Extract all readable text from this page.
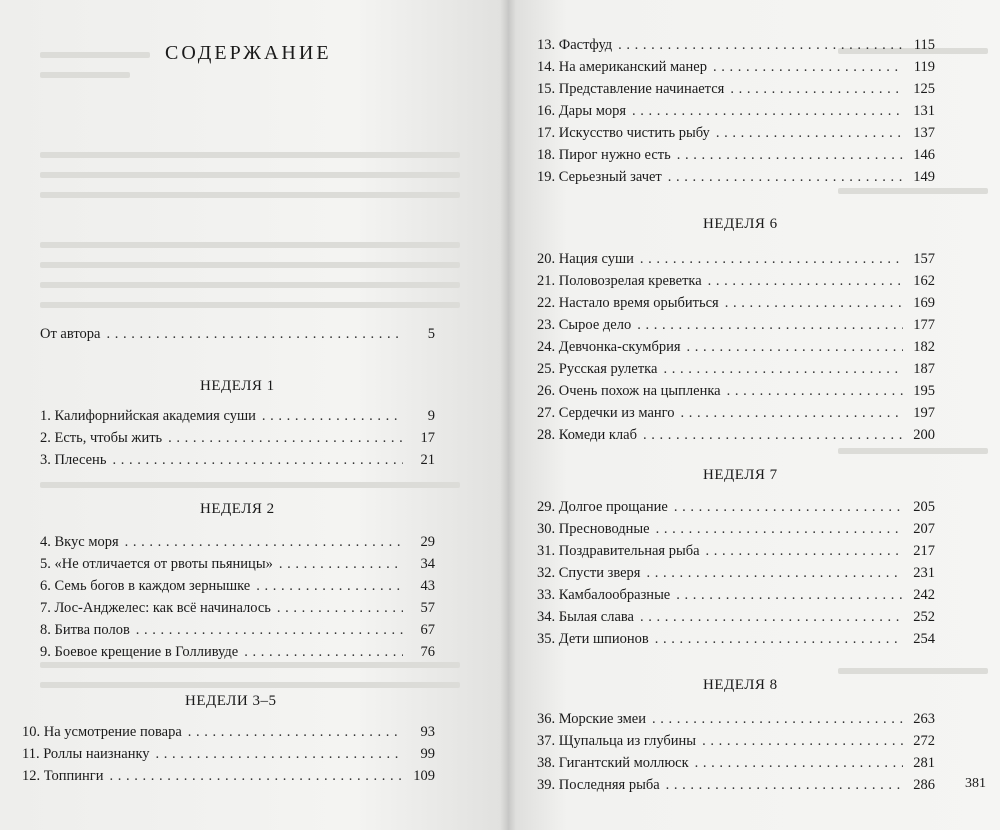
СОДЕРЖАНИЕ
От автора . . .	5
НЕДЕЛЯ 1
1. Калифорнийская академия суши . . .	9
2. Есть, чтобы жить . . .	17
3. Плесень . . .	21
НЕДЕЛЯ 2
4. Вкус моря . . .	29
5. «Не отличается от рвоты пьяницы» . . .	34
6. Семь богов в каждом зернышке . . .	43
7. Лос-Анджелес: как всё начиналось . . .	57
8. Битва полов . . .	67
9. Боевое крещение в Голливуде . . .	76
НЕДЕЛИ 3–5
10. На усмотрение повара . . .	93
11. Роллы наизнанку . . .	99
12. Топпинги . . .	109
13. Фастфуд . . .	115
14. На американский манер . . .	119
15. Представление начинается . . .	125
16. Дары моря . . .	131
17. Искусство чистить рыбу . . .	137
18. Пирог нужно есть . . .	146
19. Серьезный зачет . . .	149
НЕДЕЛЯ 6
20. Нация суши . . .	157
21. Половозрелая креветка . . .	162
22. Настало время орыбиться . . .	169
23. Сырое дело . . .	177
24. Девчонка-скумбрия . . .	182
25. Русская рулетка . . .	187
26. Очень похож на цыпленка . . .	195
27. Сердечки из манго . . .	197
28. Комеди клаб . . .	200
НЕДЕЛЯ 7
29. Долгое прощание . . .	205
30. Пресноводные . . .	207
31. Поздравительная рыба . . .	217
32. Спусти зверя . . .	231
33. Камбалообразные . . .	242
34. Былая слава . . .	252
35. Дети шпионов . . .	254
НЕДЕЛЯ 8
36. Морские змеи . . .	263
37. Щупальца из глубины . . .	272
38. Гигантский моллюск . . .	281
39. Последняя рыба . . .	286 381
